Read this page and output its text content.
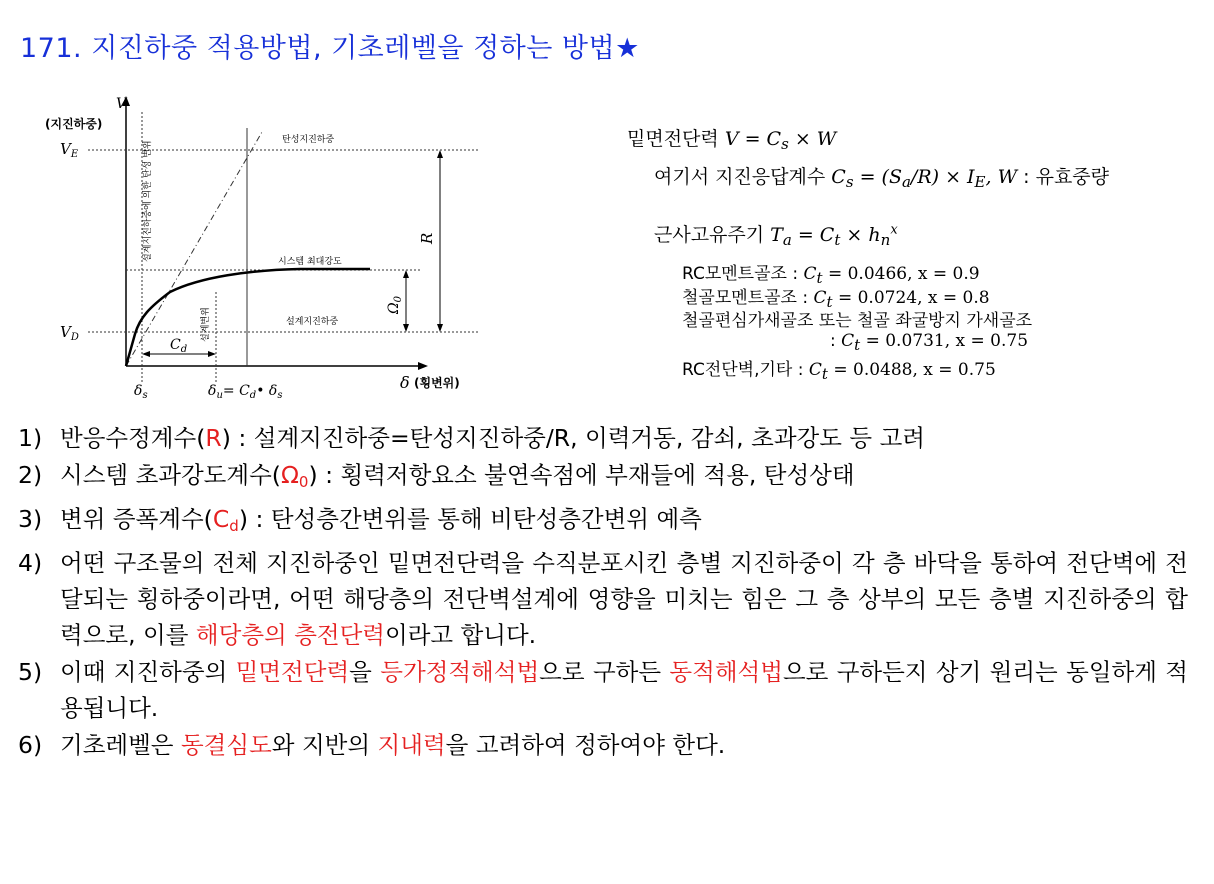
171. 지진하중 적용방법, 기초레벨을 정하는 방법★
V
(지진하중)
$V_E$
$V_D$
탄성지진하중
시스템 최대강도
설계지진하중
설계지진하중에 의한 탄성 변위
설계변위
R
$\Omega_0$
$C_d$
$\delta_s$	$\delta_u=$ $C_d•$ $\delta_s$
δ (횡변위)
밑면전단력 $V = C_s \times W$
여기서 지진응답계수 $C_s = (S_a/R) \times I_E$, W : 유효중량
근사고유주기 $T_a = C_t \times h_n^x$
RC모멘트골조 : $C_t = 0.0466$, x = 0.9
철골모멘트골조 : $C_t = 0.0724$, x = 0.8
철골편심가새골조 또는 철골 좌굴방지 가새골조
: $C_t = 0.0731$, x = 0.75
RC전단벽,기타 : $C_t = 0.0488$, x = 0.75
1) 반응수정계수(R) : 설계지진하중=탄성지진하중/R, 이력거동, 감쇠, 초과강도 등 고려
2) 시스템 초과강도계수$(\Omega_0)$ : 횡력저항요소 불연속점에 부재들에 적용, 탄성상태
3) 변위 증폭계수$(C_d)$ : 탄성층간변위를 통해 비탄성층간변위 예측
4) 어떤 구조물의 전체 지진하중인 밑면전단력을 수직분포시킨 층별 지진하중이 각 층 바닥을 통하여 전단벽에 전달되는 횡하중이라면, 어떤 해당층의 전단벽설계에 영향을 미치는 힘은 그 층 상부의 모든 층별 지진하중의 합력으로, 이를 해당층의 층전단력이라고 합니다.
5) 이때 지진하중의 밑면전단력을 등가정적해석법으로 구하든 동적해석법으로 구하든지 상기 원리는 동일하게 적용됩니다.
6) 기초레벨은 동결심도와 지반의 지내력을 고려하여 정하여야 한다.
